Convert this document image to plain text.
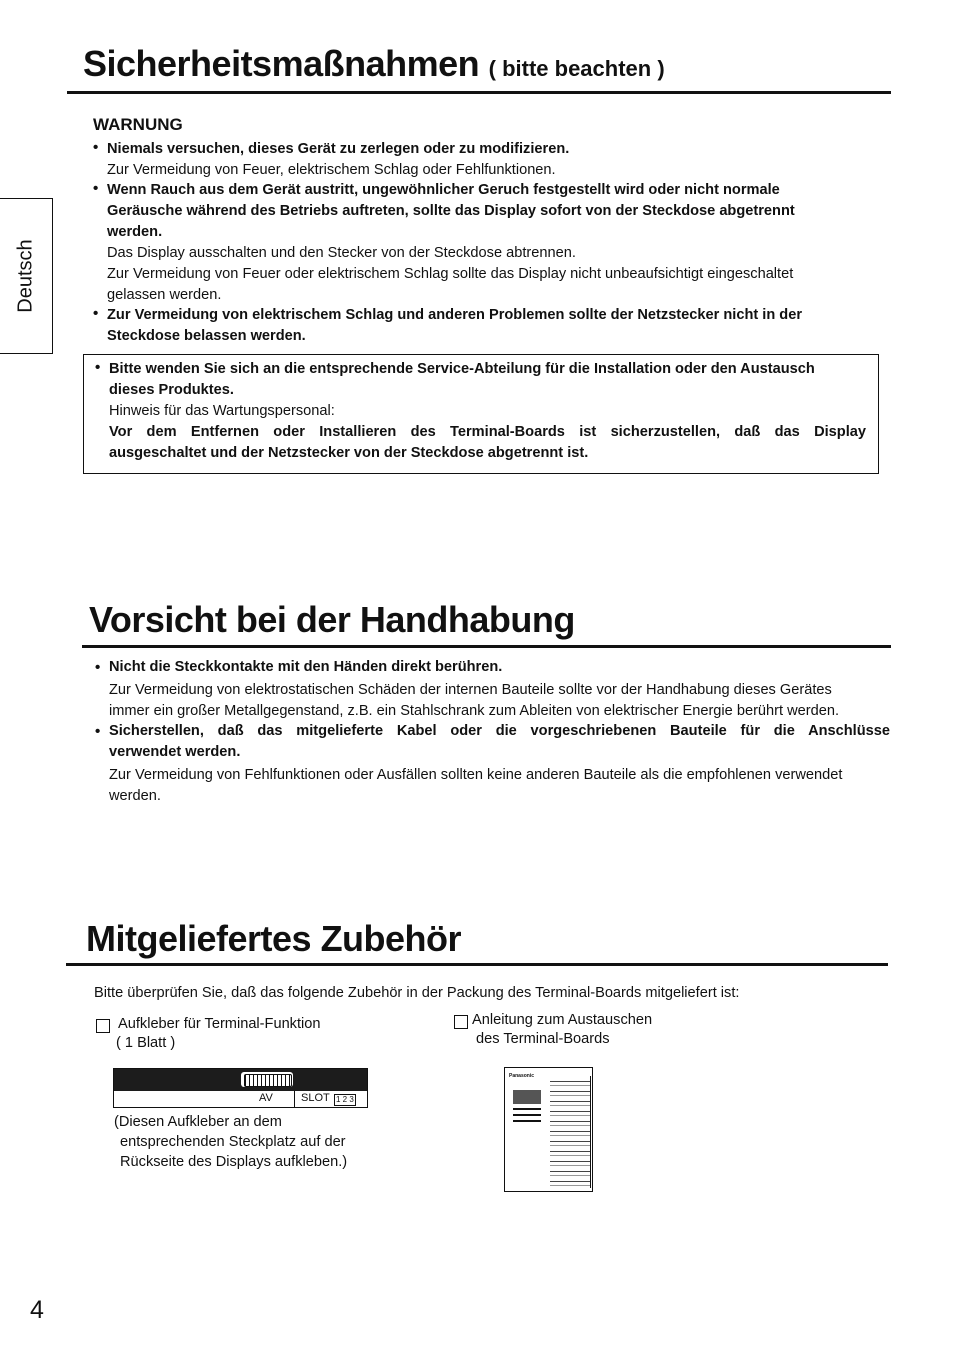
Sicherheitsmaßnahmen ( bitte beachten )
WARNUNG
• Niemals versuchen, dieses Gerät zu zerlegen oder zu modifizieren.
Zur Vermeidung von Feuer, elektrischem Schlag oder Fehlfunktionen.
• Wenn Rauch aus dem Gerät austritt, ungewöhnlicher Geruch festgestellt wird oder nicht normale
Geräusche während des Betriebs auftreten, sollte das Display sofort von der Steckdose abgetrennt
werden.
Das Display ausschalten und den Stecker von der Steckdose abtrennen.
Zur Vermeidung von Feuer oder elektrischem Schlag sollte das Display nicht unbeaufsichtigt eingeschaltet
gelassen werden.
• Zur Vermeidung von elektrischem Schlag und anderen Problemen sollte der Netzstecker nicht in der
Steckdose belassen werden.
• Bitte wenden Sie sich an die entsprechende Service-Abteilung für die Installation oder den Austausch
dieses Produktes.
Hinweis für das Wartungspersonal:
Vor dem Entfernen oder Installieren des Terminal-Boards ist sicherzustellen, daß das Display
ausgeschaltet und der Netzstecker von der Steckdose abgetrennt ist.
Deutsch
Vorsicht bei der Handhabung
• Nicht die Steckkontakte mit den Händen direkt berühren.
Zur Vermeidung von elektrostatischen Schäden der internen Bauteile sollte vor der Handhabung dieses Gerätes
immer ein großer Metallgegenstand, z.B. ein Stahlschrank zum Ableiten von elektrischer Energie berührt werden.
• Sicherstellen, daß das mitgelieferte Kabel oder die vorgeschriebenen Bauteile für die Anschlüsse
verwendet werden.
Zur Vermeidung von Fehlfunktionen oder Ausfällen sollten keine anderen Bauteile als die empfohlenen verwendet
werden.
Mitgeliefertes Zubehör
Bitte überprüfen Sie, daß das folgende Zubehör in der Packung des Terminal-Boards mitgeliefert ist:
Aufkleber für Terminal-Funktion
( 1 Blatt )
AV	SLOT 1 2 3
(Diesen Aufkleber an dem
entsprechenden Steckplatz auf der
Rückseite des Displays aufkleben.)
Anleitung zum Austauschen
des Terminal-Boards
Panasonic
4
